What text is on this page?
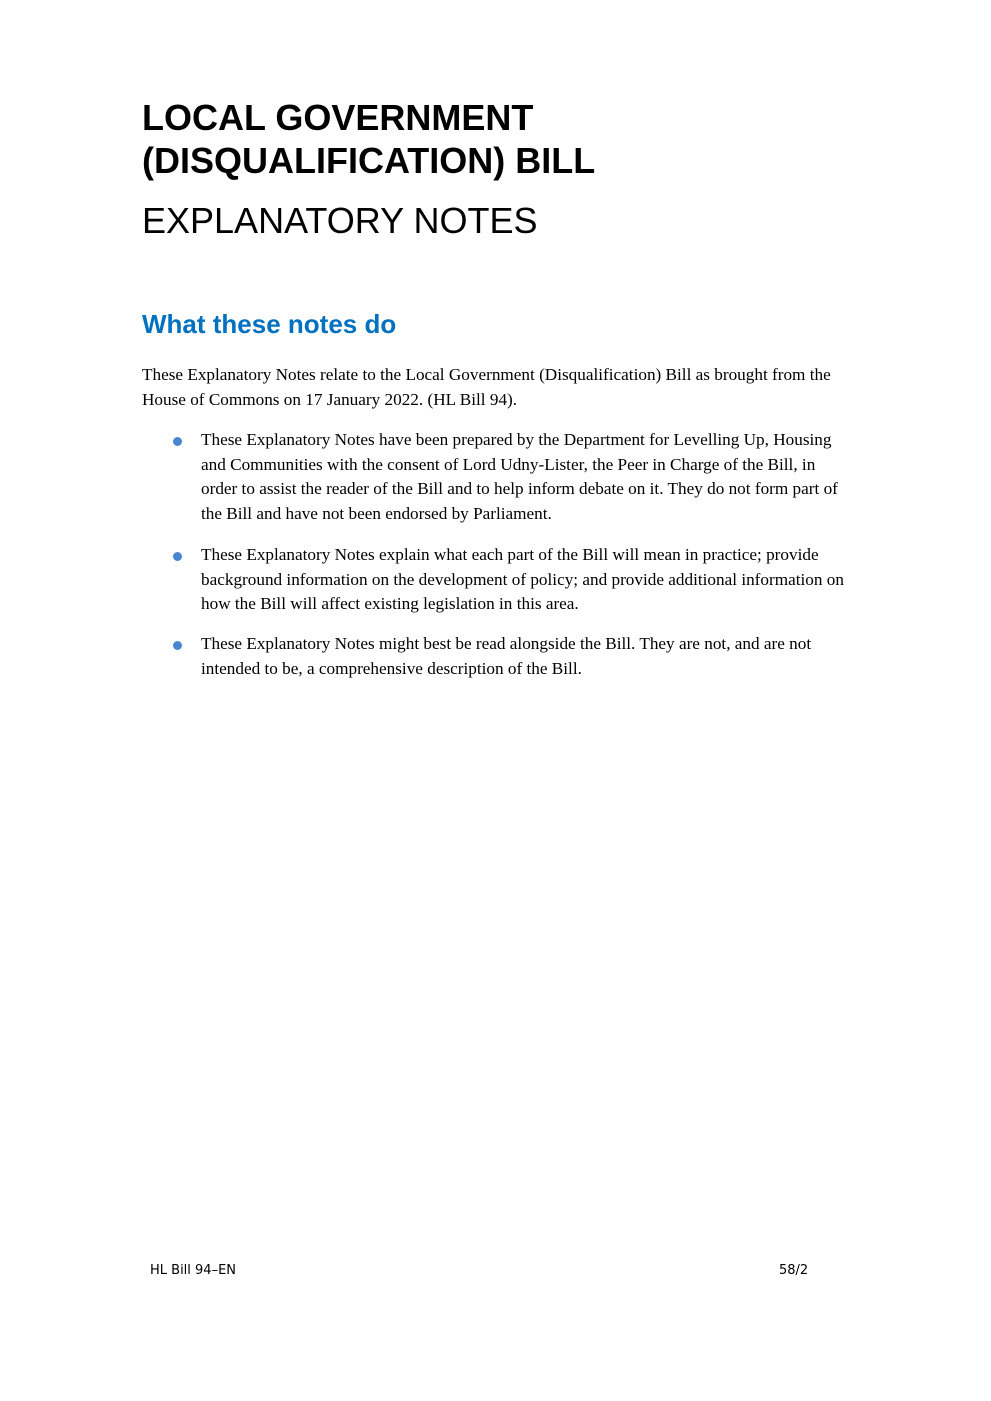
LOCAL GOVERNMENT
(DISQUALIFICATION) BILL
EXPLANATORY NOTES
What these notes do

These Explanatory Notes relate to the Local Government (Disqualification) Bill as brought from the
House of Commons on 17 January 2022. (HL Bill 94).

These Explanatory Notes have been prepared by the Department for Levelling Up, Housing
and Communities with the consent of Lord Udny-Lister, the Peer in Charge of the Bill, in
order to assist the reader of the Bill and to help inform debate on it. They do not form part of
the Bill and have not been endorsed by Parliament.
These Explanatory Notes explain what each part of the Bill will mean in practice; provide
background information on the development of policy; and provide additional information on
how the Bill will affect existing legislation in this area.
These Explanatory Notes might best be read alongside the Bill. They are not, and are not
intended to be, a comprehensive description of the Bill.
HL Bill 94–EN	58/2
